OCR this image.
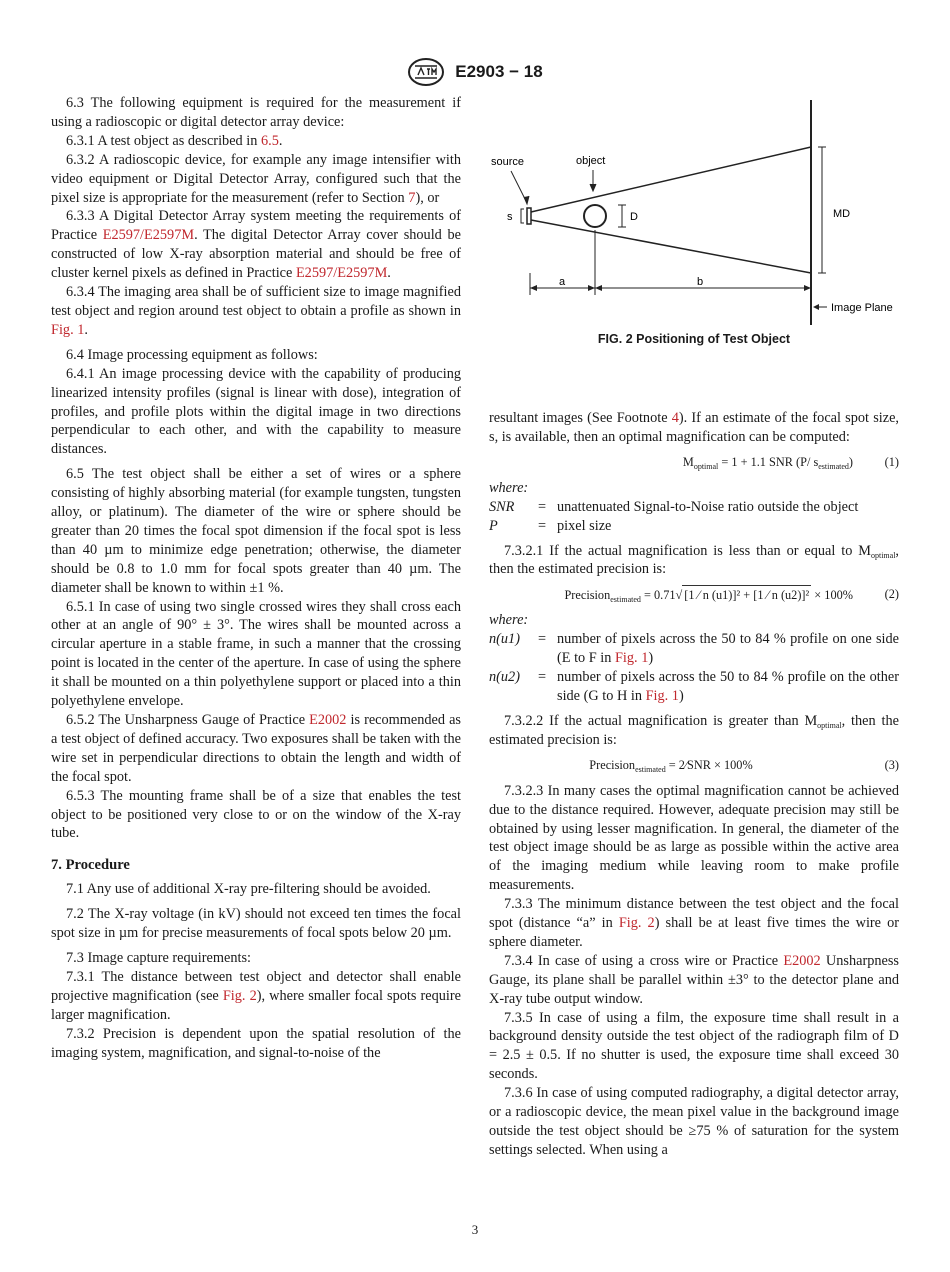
E2903 − 18

6.3 The following equipment is required for the measurement if using a radioscopic or digital detector array device:

6.3.1 A test object as described in 6.5.

6.3.2 A radioscopic device, for example any image intensifier with video equipment or Digital Detector Array, configured such that the pixel size is appropriate for the measurement (refer to Section 7), or

6.3.3 A Digital Detector Array system meeting the requirements of Practice E2597/E2597M. The digital Detector Array cover should be constructed of low X-ray absorption material and should be free of cluster kernel pixels as defined in Practice E2597/E2597M.

6.3.4 The imaging area shall be of sufficient size to image magnified test object and region around test object to obtain a profile as shown in Fig. 1.

6.4 Image processing equipment as follows:

6.4.1 An image processing device with the capability of producing linearized intensity profiles (signal is linear with dose), integration of profiles, and profile plots within the digital image in two directions perpendicular to each other, and with the capability to measure distances.

6.5 The test object shall be either a set of wires or a sphere consisting of highly absorbing material (for example tungsten, tungsten alloy, or platinum). The diameter of the wire or sphere should be greater than 20 times the focal spot dimension if the focal spot is less than 40 µm to minimize edge penetration; otherwise, the diameter should be 0.8 to 1.0 mm for focal spots greater than 40 µm. The diameter shall be known to within ±1 %.

6.5.1 In case of using two single crossed wires they shall cross each other at an angle of 90° ± 3°. The wires shall be mounted across a circular aperture in a stable frame, in such a manner that the crossing point is located in the center of the aperture. In case of using the sphere it shall be mounted on a thin polyethylene support or placed into a thin polyethylene envelope.

6.5.2 The Unsharpness Gauge of Practice E2002 is recommended as a test object of defined accuracy. Two exposures shall be taken with the wire set in perpendicular directions to obtain the length and width of the focal spot.

6.5.3 The mounting frame shall be of a size that enables the test object to be positioned very close to or on the window of the X-ray tube.

7. Procedure

7.1 Any use of additional X-ray pre-filtering should be avoided.

7.2 The X-ray voltage (in kV) should not exceed ten times the focal spot size in µm for precise measurements of focal spots below 20 µm.

7.3 Image capture requirements:

7.3.1 The distance between test object and detector shall enable projective magnification (see Fig. 2), where smaller focal spots require larger magnification.

7.3.2 Precision is dependent upon the spatial resolution of the imaging system, magnification, and signal-to-noise of the

s	D
source	object
MD
a	b
Image Plane
FIG. 2 Positioning of Test Object

resultant images (See Footnote 4). If an estimate of the focal spot size, s, is available, then an optimal magnification can be computed:

$M_{optimal} = 1 + 1.1$ SNR (P/ $s_{estimated}$)	(1)

where:

SNR	= unattenuated Signal-to-Noise ratio outside the object
P	= pixel size

7.3.2.1 If the actual magnification is less than or equal to $M_{optimal}$, then the estimated precision is:

Precision$_{estimated}$ = 0.71√ [1 ⁄ n (u1)]² + [1 ⁄ n (u2)]² × 100%	(2)

where:

n(u1)	= number of pixels across the 50 to 84 % profile on one side (E to F in Fig. 1)
n(u2)	= number of pixels across the 50 to 84 % profile on the other side (G to H in Fig. 1)

7.3.2.2 If the actual magnification is greater than $M_{optimal}$, then the estimated precision is:

Precision$_{estimated}$ = 2⁄SNR × 100%	(3)

7.3.2.3 In many cases the optimal magnification cannot be achieved due to the distance required. However, adequate precision may still be obtained by using lesser magnification. In general, the diameter of the test object image should be as large as possible within the active area of the imaging medium while leaving room to make profile measurements.

7.3.3 The minimum distance between the test object and the focal spot (distance “a” in Fig. 2) shall be at least five times the wire or sphere diameter.

7.3.4 In case of using a cross wire or Practice E2002 Unsharpness Gauge, its plane shall be parallel within ±3° to the detector plane and X-ray tube output window.

7.3.5 In case of using a film, the exposure time shall result in a background density outside the test object of the radiograph film of D = 2.5 ± 0.5. If no shutter is used, the exposure time shall exceed 30 seconds.

7.3.6 In case of using computed radiography, a digital detector array, or a radioscopic device, the mean pixel value in the background image outside the test object should be ≥75 % of saturation for the system settings selected. When using a

3
